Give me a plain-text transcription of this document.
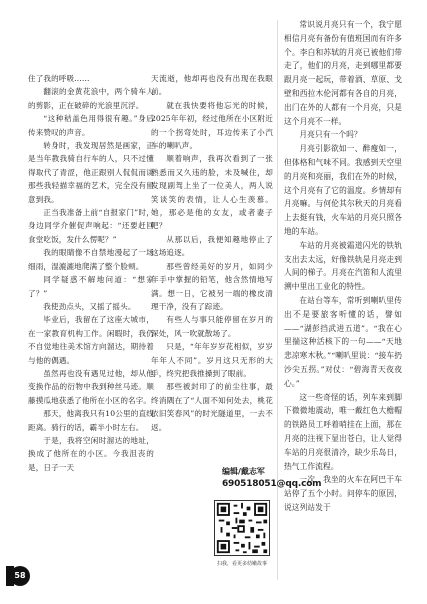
住了我的呼吸……

翻滚的金黄花浪中，两个骑车人的剪影，正在破碎的光浪里沉浮。

“这种秸盖色用得很有趣。”身后传来赞叹的声音。

转身时，我发现居然是画家，正是当年教我骑自行车的人，只不过懂得取代了青涩，他正跟别人侃侃而谈那些我轻描幸福的艺术，完全没有留意到我。

正当我准备上前“自报家门”时，身边同学介催促声响起：“还要赶回食堂吃饭，发什么愣呢？”

我的眼睛像不自禁地漫起了一场细雨，湿漉漉地爬满了整个脸颊。

同学疑惑不解地问道：“想家了？”

我使劲点头，又摇了摇头。

毕业后，我留在了这座大城市，在一家教育机构工作。闲暇时，我仍不自觉地往美术馆方向溜达，期待着与他的偶遇。

虽然再也没有遇见过他，却从他变换作品的衍物中我到种丝马迹。顺藤摸瓜地获悉了他所在小区的名字。

那天，他离我只有10公里的直线距离。骑行的话，霸半小时左右。

于是，我将空闲时溜达的地址，换成了他所在的小区。今我沮丧的是，日子一天

天流逝，他却再也没有出现在我眼前。

就在我快要将他忘光的时候，2025年年初，经过他所在小区附近的一个拐弯处时，耳边传来了小汽车的喇叭声。

顺着响声，我再次看到了一张熟悉而又久违的脸，未及喊住，却发现副驾上坐了一位美人，两人说笑谈笑的表情，让人心生羡慕。她，那必是他的女友，或者妻子吧？

从那以后，我便知趣地停止了这场追逐。

那些曾经美好的岁月，如同少年手中掌握的铅笔，他含然情地写满。想一日，它被另一端的橡皮清理干净，没有了踪迹。

有些人与事只能停留在岁月的深处，风一吹就散场了。

只是，“年年岁岁花相似，岁岁年年人不同”。岁月这只无形的大手，终究把我推搡到了眼前。

那些被封印了的前尘往事，最终消隅在了“人面不知何处去，桃花依旧笑春风”的时光隧道里，一去不返。

常识说月亮只有一个，我宁愿相信月亮有备份有值班国而有许多个。李白和苏轼的月亮已被他们带走了，他们的月亮，走到哪里都要跟月亮一起玩，带着酒、草原、戈壁和西拉木伦河都有各自的月亮，出门在外的人都有一个月亮，只是这个月亮不一样。

月亮只有一个吗？

月亮引影欲如一、醉瘦如一，但体格和气味不同。我感到天空里的月亮和亮丽，我们在外的时候，这个月亮有了它的温度。乡情却有月亮嘛。与何伦其尔秋天的月亮看上去挺有钱，火车站的月亮只照各地的车站。

车站的月亮被霜道闪光的铁轨支出去太远，好像铁轨是月亮走到人间的梯子。月亮在汽笛和人流里溯中里出工业化的特性。

在站台等车，常听到喇叭里传出不是要旅客听懂的话，譬如——“湖彭挡武进五道”。“我在心里揣这种活核下的一句——“天地悲凉寒木秋。”“喇叭里说：“接车扔沙尖五拐。”对仗：“碧海青天夜夜心。”

这一些奇怪的话，列车来到脚下微微地震动，唯一戴红色大檐帽的铁路员工呼着哨挂在上面，那在月亮的注视下显出苍白，让人觉得车站的月亮很清冷，缺少乐岛日，热气工作流程。

一次，我坐的火车在阿巴干车站停了五个小时。问停车的原因，说这列站发于

编辑/戴志军
690518051@qq.com
扫我，看更多幼嫩故事
58
